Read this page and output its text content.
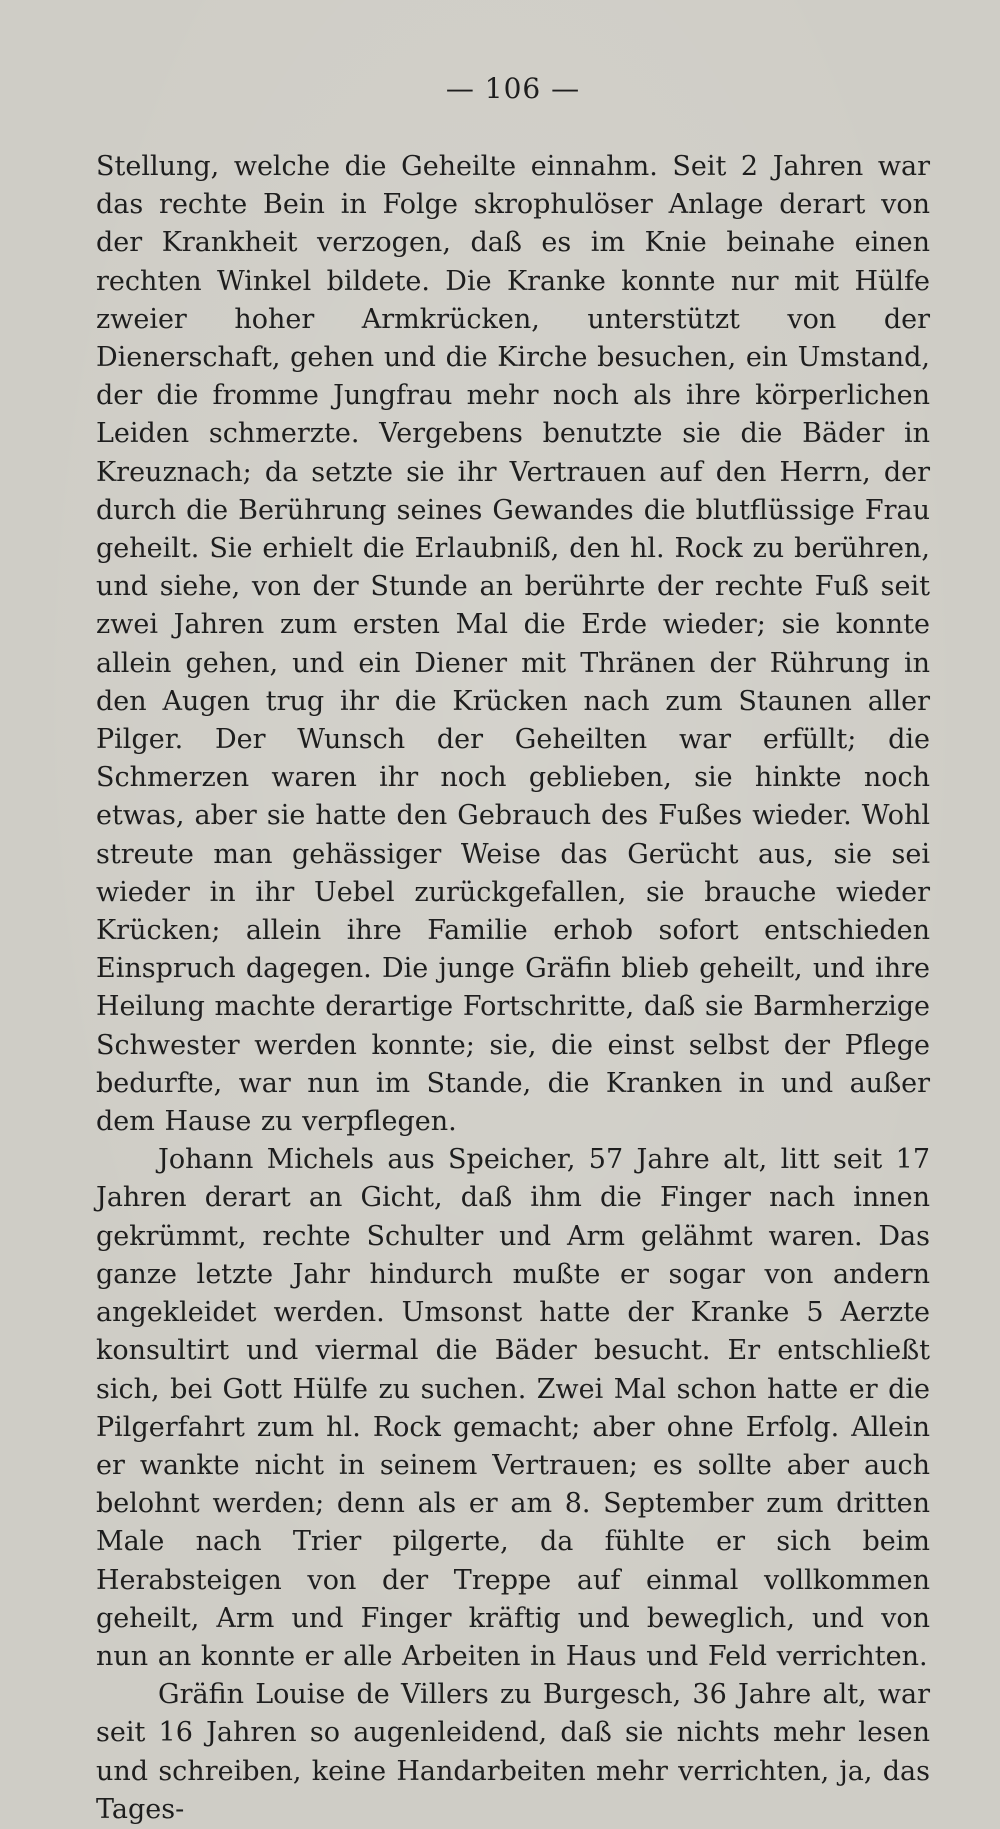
— 106 —

Stellung, welche die Geheilte einnahm. Seit 2 Jahren war das rechte Bein in Folge skrophulöser Anlage derart von der Krankheit verzogen, daß es im Knie beinahe einen rechten Winkel bildete. Die Kranke konnte nur mit Hülfe zweier hoher Armkrücken, unterstützt von der Dienerschaft, gehen und die Kirche besuchen, ein Umstand, der die fromme Jungfrau mehr noch als ihre körperlichen Leiden schmerzte. Vergebens benutzte sie die Bäder in Kreuznach; da setzte sie ihr Vertrauen auf den Herrn, der durch die Berührung seines Gewandes die blutflüssige Frau geheilt. Sie erhielt die Erlaubniß, den hl. Rock zu berühren, und siehe, von der Stunde an berührte der rechte Fuß seit zwei Jahren zum ersten Mal die Erde wieder; sie konnte allein gehen, und ein Diener mit Thränen der Rührung in den Augen trug ihr die Krücken nach zum Staunen aller Pilger. Der Wunsch der Geheilten war erfüllt; die Schmerzen waren ihr noch geblieben, sie hinkte noch etwas, aber sie hatte den Gebrauch des Fußes wieder. Wohl streute man gehässiger Weise das Gerücht aus, sie sei wieder in ihr Uebel zurückgefallen, sie brauche wieder Krücken; allein ihre Familie erhob sofort entschieden Einspruch dagegen. Die junge Gräfin blieb geheilt, und ihre Heilung machte derartige Fortschritte, daß sie Barmherzige Schwester werden konnte; sie, die einst selbst der Pflege bedurfte, war nun im Stande, die Kranken in und außer dem Hause zu verpflegen.

Johann Michels aus Speicher, 57 Jahre alt, litt seit 17 Jahren derart an Gicht, daß ihm die Finger nach innen gekrümmt, rechte Schulter und Arm gelähmt waren. Das ganze letzte Jahr hindurch mußte er sogar von andern angekleidet werden. Umsonst hatte der Kranke 5 Aerzte konsultirt und viermal die Bäder besucht. Er entschließt sich, bei Gott Hülfe zu suchen. Zwei Mal schon hatte er die Pilgerfahrt zum hl. Rock gemacht; aber ohne Erfolg. Allein er wankte nicht in seinem Vertrauen; es sollte aber auch belohnt werden; denn als er am 8. September zum dritten Male nach Trier pilgerte, da fühlte er sich beim Herabsteigen von der Treppe auf einmal vollkommen geheilt, Arm und Finger kräftig und beweglich, und von nun an konnte er alle Arbeiten in Haus und Feld verrichten.

Gräfin Louise de Villers zu Burgesch, 36 Jahre alt, war seit 16 Jahren so augenleidend, daß sie nichts mehr lesen und schreiben, keine Handarbeiten mehr verrichten, ja, das Tages-
